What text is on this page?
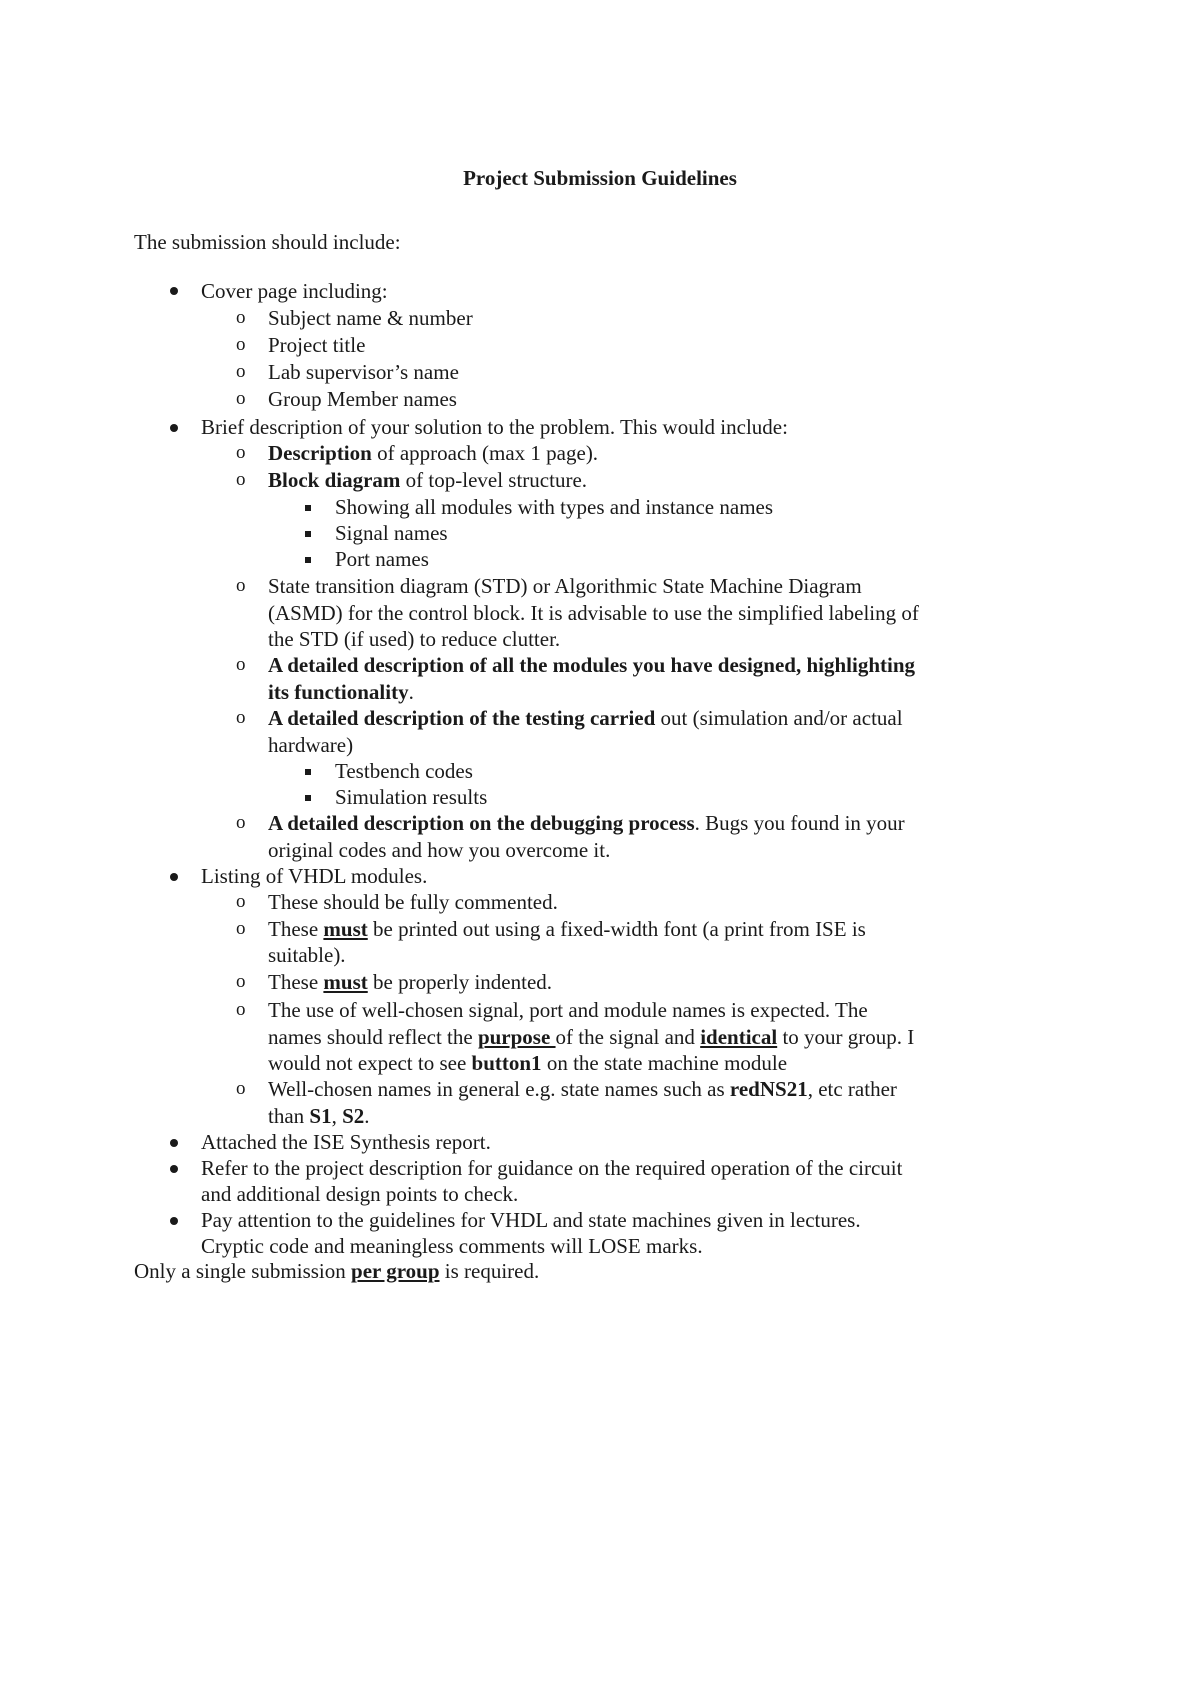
Project Submission Guidelines
The submission should include:
Cover page including:
o Subject name & number
o Project title
o Lab supervisor’s name
o Group Member names
Brief description of your solution to the problem. This would include:
o Description of approach (max 1 page).
o Block diagram of top-level structure.
Showing all modules with types and instance names
Signal names
Port names
o State transition diagram (STD) or Algorithmic State Machine Diagram
(ASMD) for the control block. It is advisable to use the simplified labeling of
the STD (if used) to reduce clutter.
o A detailed description of all the modules you have designed, highlighting
its functionality.
o A detailed description of the testing carried out (simulation and/or actual
hardware)
Testbench codes
Simulation results
o A detailed description on the debugging process. Bugs you found in your
original codes and how you overcome it.
Listing of VHDL modules.
o These should be fully commented.
o These must be printed out using a fixed-width font (a print from ISE is
suitable).
o These must be properly indented.
o The use of well-chosen signal, port and module names is expected. The
names should reflect the purpose of the signal and identical to your group. I
would not expect to see button1 on the state machine module
o Well-chosen names in general e.g. state names such as redNS21, etc rather
than S1, S2.
Attached the ISE Synthesis report.
Refer to the project description for guidance on the required operation of the circuit
and additional design points to check.
Pay attention to the guidelines for VHDL and state machines given in lectures.
Cryptic code and meaningless comments will LOSE marks.
Only a single submission per group is required.
